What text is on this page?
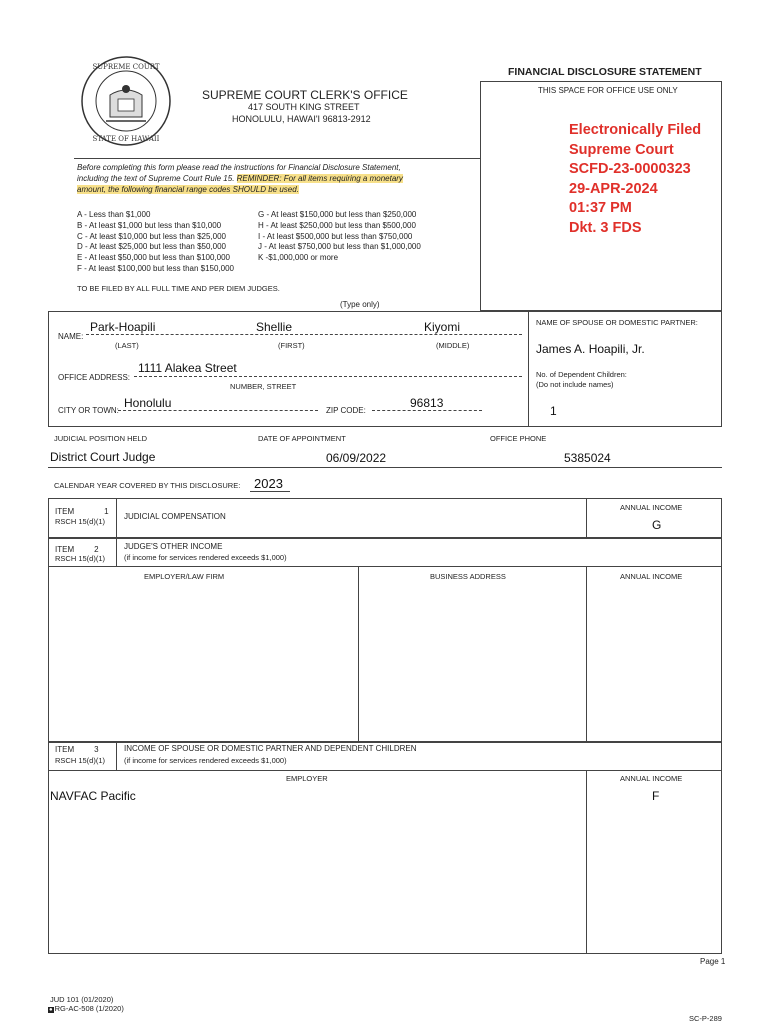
SUPREME COURT
STATE OF HAWAII
FINANCIAL DISCLOSURE STATEMENT
SUPREME COURT CLERK'S OFFICE
417 SOUTH KING STREET
HONOLULU, HAWAI'I 96813-2912
THIS SPACE FOR OFFICE USE ONLY
Electronically Filed
Supreme Court
SCFD-23-0000323
29-APR-2024
01:37 PM
Dkt. 3 FDS
Before completing this form please read the instructions for Financial Disclosure Statement,
including the text of Supreme Court Rule 15. REMINDER: For all items requiring a monetary
amount, the following financial range codes SHOULD be used.
A - Less than $1,000
B - At least $1,000 but less than $10,000
C - At least $10,000 but less than $25,000
D - At least $25,000 but less than $50,000
E - At least $50,000 but less than $100,000
F - At least $100,000 but less than $150,000
G - At least $150,000 but less than $250,000
H - At least $250,000 but less than $500,000
I - At least $500,000 but less than $750,000
J - At least $750,000 but less than $1,000,000
K -$1,000,000 or more
TO BE FILED BY ALL FULL TIME AND PER DIEM JUDGES.
(Type only)
NAME:
Park-Hoapili	Shellie	Kiyomi
(LAST)	(FIRST)	(MIDDLE)
OFFICE ADDRESS:
1111 Alakea Street
NUMBER, STREET
CITY OR TOWN:
Honolulu
ZIP CODE:
96813
NAME OF SPOUSE OR DOMESTIC PARTNER:
James A. Hoapili, Jr.
No. of Dependent Children:
(Do not include names)
1
JUDICIAL POSITION HELD	DATE OF APPOINTMENT	OFFICE PHONE
District Court Judge	06/09/2022	5385024
CALENDAR YEAR COVERED BY THIS DISCLOSURE: 2023
ITEM	1
RSCH 15(d)(1)
JUDICIAL COMPENSATION
ANNUAL INCOME
G
ITEM	2
RSCH 15(d)(1)
JUDGE'S OTHER INCOME
(if income for services rendered exceeds $1,000)
EMPLOYER/LAW FIRM	BUSINESS ADDRESS	ANNUAL INCOME
ITEM	3
RSCH 15(d)(1)
INCOME OF SPOUSE OR DOMESTIC PARTNER AND DEPENDENT CHILDREN
(if income for services rendered exceeds $1,000)
EMPLOYER	ANNUAL INCOME
NAVFAC Pacific	F
Page 1
JUD 101 (01/2020)
● RG-AC-508 (1/2020)
SC-P-289
